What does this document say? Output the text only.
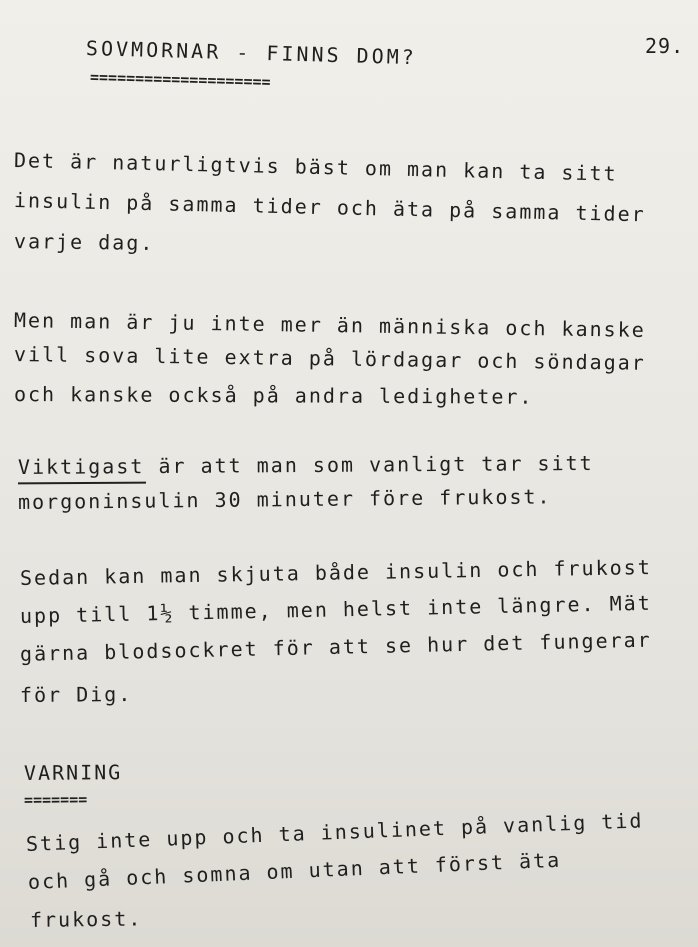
SOVMORNAR - FINNS DOM?
====================
29.
Det är naturligtvis bäst om man kan ta sitt
insulin på samma tider och äta på samma tider
varje dag.
Men man är ju inte mer än människa och kanske
vill sova lite extra på lördagar och söndagar
och kanske också på andra ledigheter.
Viktigast är att man som vanligt tar sitt
morgoninsulin 30 minuter före frukost.
Sedan kan man skjuta både insulin och frukost
upp till 1½ timme, men helst inte längre. Mät
gärna blodsockret för att se hur det fungerar
för Dig.
VARNING
=======
Stig inte upp och ta insulinet på vanlig tid
och gå och somna om utan att först äta
frukost.
